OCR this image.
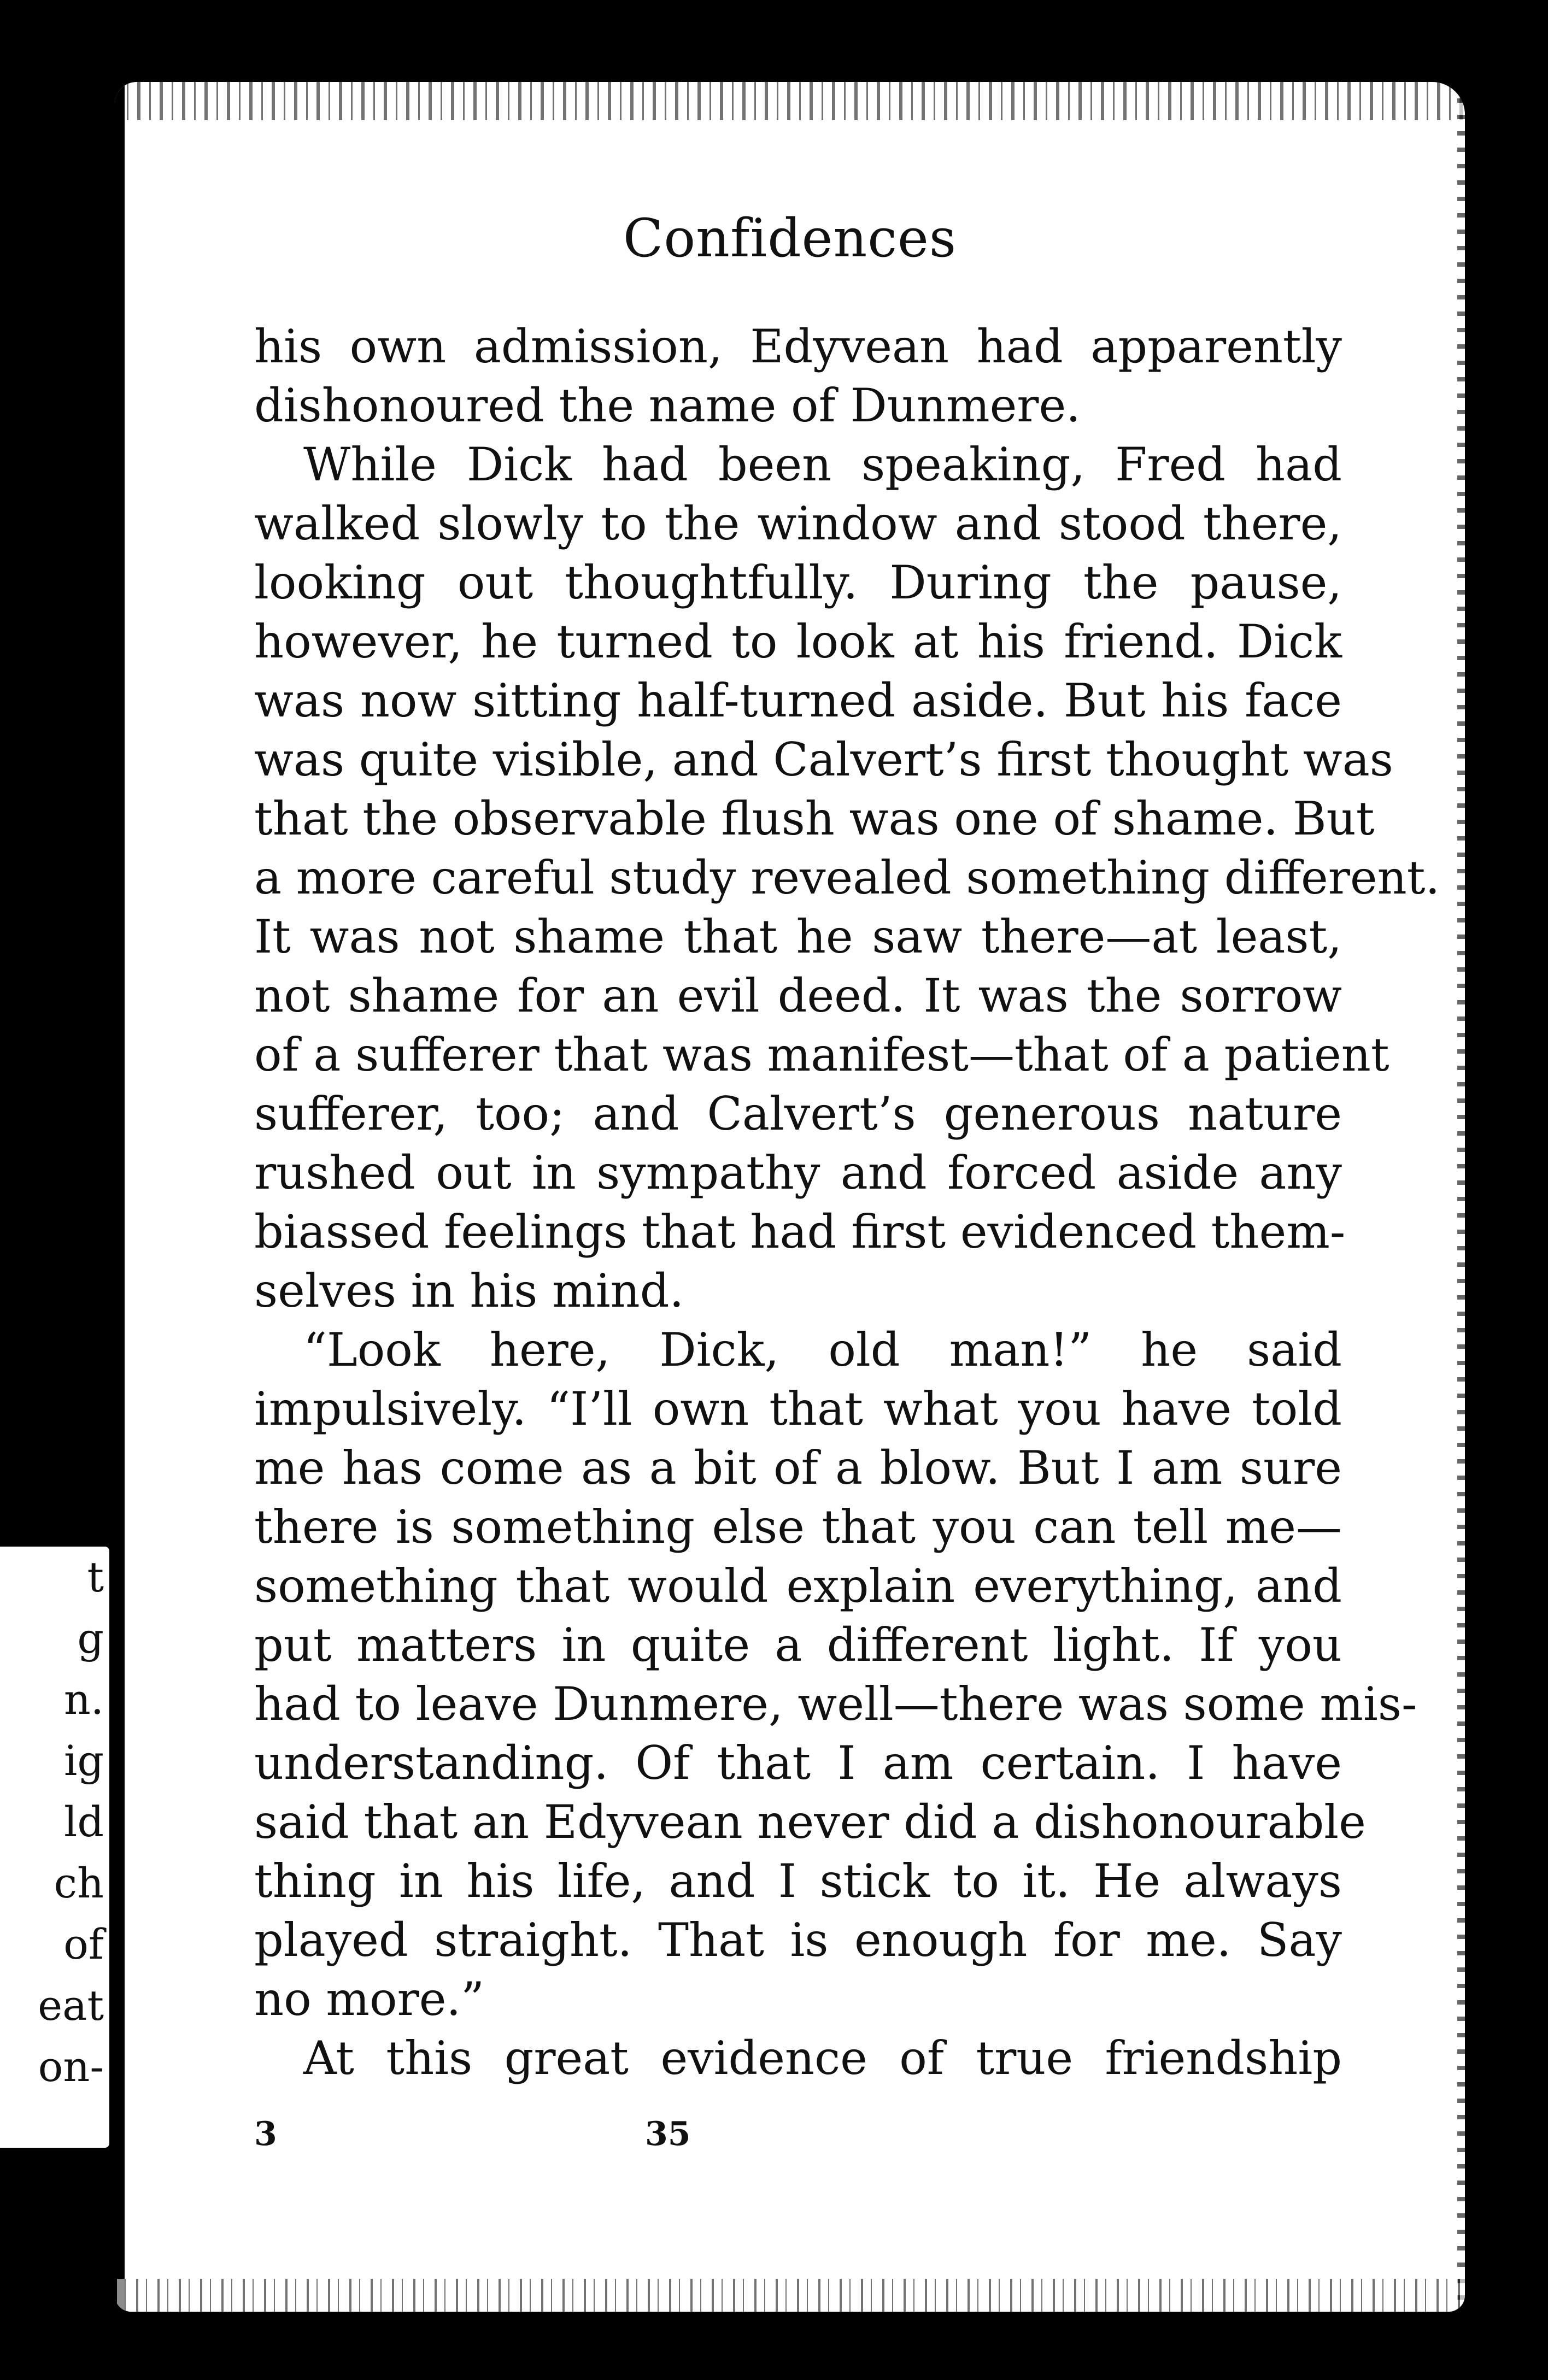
Confidences
his own admission, Edyvean had apparently
dishonoured the name of Dunmere.
While Dick had been speaking, Fred had
walked slowly to the window and stood there,
looking out thoughtfully. During the pause,
however, he turned to look at his friend. Dick
was now sitting half-turned aside. But his face
was quite visible, and Calvert’s first thought was
that the observable flush was one of shame. But
a more careful study revealed something different.
It was not shame that he saw there—at least,
not shame for an evil deed. It was the sorrow
of a sufferer that was manifest—that of a patient
sufferer, too; and Calvert’s generous nature
rushed out in sympathy and forced aside any
biassed feelings that had first evidenced them-
selves in his mind.
“Look here, Dick, old man!” he said
impulsively. “I’ll own that what you have told
me has come as a bit of a blow. But I am sure
there is something else that you can tell me—
something that would explain everything, and
put matters in quite a different light. If you
had to leave Dunmere, well—there was some mis-
understanding. Of that I am certain. I have
said that an Edyvean never did a dishonourable
thing in his life, and I stick to it. He always
played straight. That is enough for me. Say
no more.”
At this great evidence of true friendship
3	35
t
g
n.
ig
ld
ch
of
eat
on-
